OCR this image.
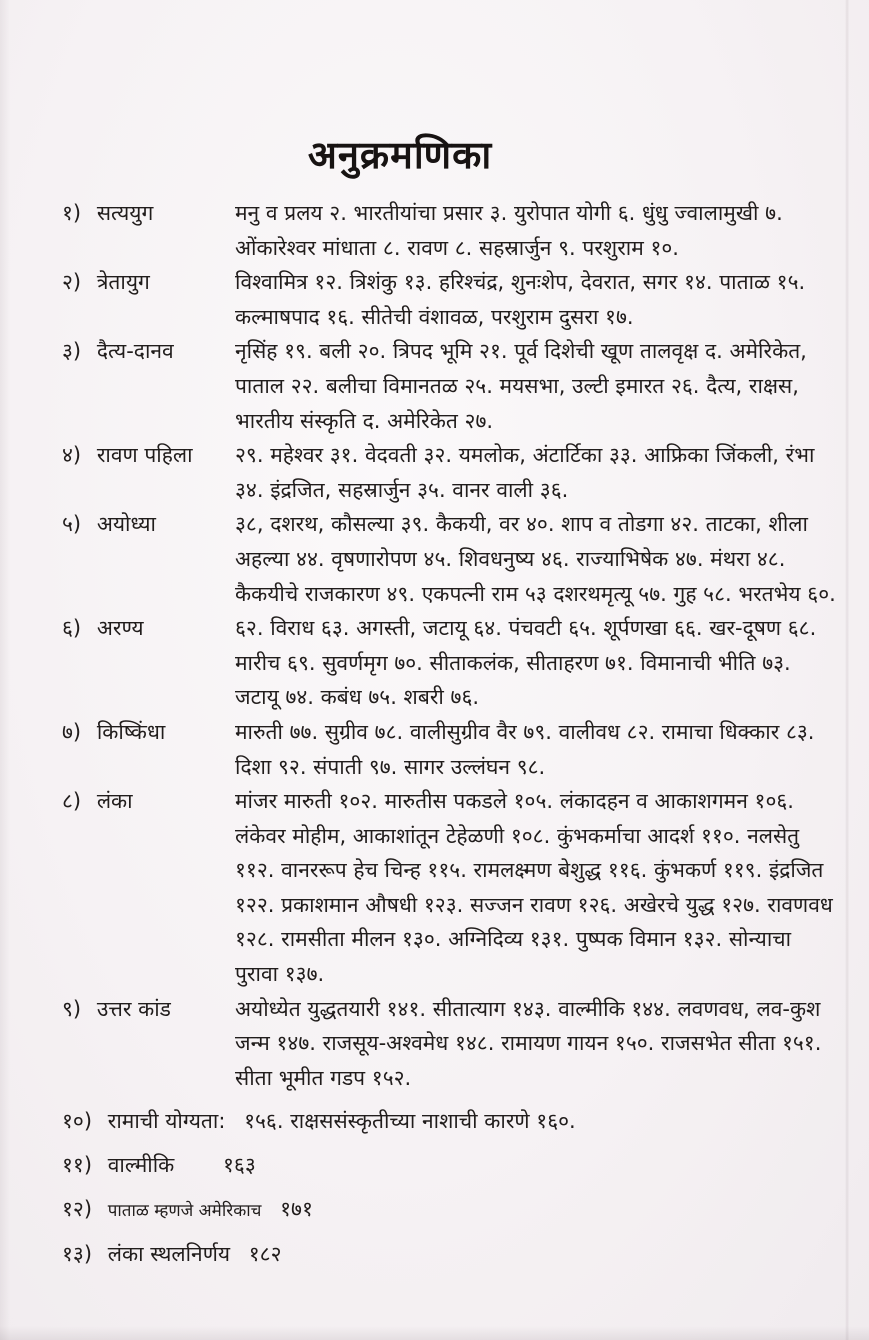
अनुक्रमणिका
१) सत्ययुग	मनु व प्रलय २. भारतीयांचा प्रसार ३. युरोपात योगी ६. धुंधु ज्वालामुखी ७. ओंकारेश्वर मांधाता ८. रावण ८. सहस्रार्जुन ९. परशुराम १०.
२) त्रेतायुग	विश्वामित्र १२. त्रिशंकु १३. हरिश्चंद्र, शुनःशेप, देवरात, सगर १४. पाताळ १५. कल्माषपाद १६. सीतेची वंशावळ, परशुराम दुसरा १७.
३) दैत्य-दानव	नृसिंह १९. बली २०. त्रिपद भूमि २१. पूर्व दिशेची खूण तालवृक्ष द. अमेरिकेत, पाताल २२. बलीचा विमानतळ २५. मयसभा, उल्टी इमारत २६. दैत्य, राक्षस, भारतीय संस्कृति द. अमेरिकेत २७.
४) रावण पहिला	२९. महेश्वर ३१. वेदवती ३२. यमलोक, अंटार्टिका ३३. आफ्रिका जिंकली, रंभा ३४. इंद्रजित, सहस्रार्जुन ३५. वानर वाली ३६.
५) अयोध्या	३८, दशरथ, कौसल्या ३९. कैकयी, वर ४०. शाप व तोडगा ४२. ताटका, शीला अहल्या ४४. वृषणारोपण ४५. शिवधनुष्य ४६. राज्याभिषेक ४७. मंथरा ४८. कैकयीचे राजकारण ४९. एकपत्नी राम ५३ दशरथमृत्यू ५७. गुह ५८. भरतभेय ६०.
६) अरण्य	६२. विराध ६३. अगस्ती, जटायू ६४. पंचवटी ६५. शूर्पणखा ६६. खर-दूषण ६८. मारीच ६९. सुवर्णमृग ७०. सीताकलंक, सीताहरण ७१. विमानाची भीति ७३. जटायू ७४. कबंध ७५. शबरी ७६.
७) किष्किंधा	मारुती ७७. सुग्रीव ७८. वालीसुग्रीव वैर ७९. वालीवध ८२. रामाचा धिक्कार ८३. दिशा ९२. संपाती ९७. सागर उल्लंघन ९८.
८) लंका	मांजर मारुती १०२. मारुतीस पकडले १०५. लंकादहन व आकाशगमन १०६. लंकेवर मोहीम, आकाशांतून टेहेळणी १०८. कुंभकर्माचा आदर्श ११०. नलसेतु ११२. वानररूप हेच चिन्ह ११५. रामलक्ष्मण बेशुद्ध ११६. कुंभकर्ण ११९. इंद्रजित १२२. प्रकाशमान औषधी १२३. सज्जन रावण १२६. अखेरचे युद्ध १२७. रावणवध १२८. रामसीता मीलन १३०. अग्निदिव्य १३१. पुष्पक विमान १३२. सोन्याचा पुरावा १३७.
९) उत्तर कांड	अयोध्येत युद्धतयारी १४१. सीतात्याग १४३. वाल्मीकि १४४. लवणवध, लव-कुश जन्म १४७. राजसूय-अश्वमेध १४८. रामायण गायन १५०. राजसभेत सीता १५१. सीता भूमीत गडप १५२.
१०) रामाची योग्यता: १५६. राक्षससंस्कृतीच्या नाशाची कारणे १६०.
११) वाल्मीकि १६३
१२) पाताळ म्हणजे अमेरिकाच १७१
१३) लंका स्थलनिर्णय १८२
